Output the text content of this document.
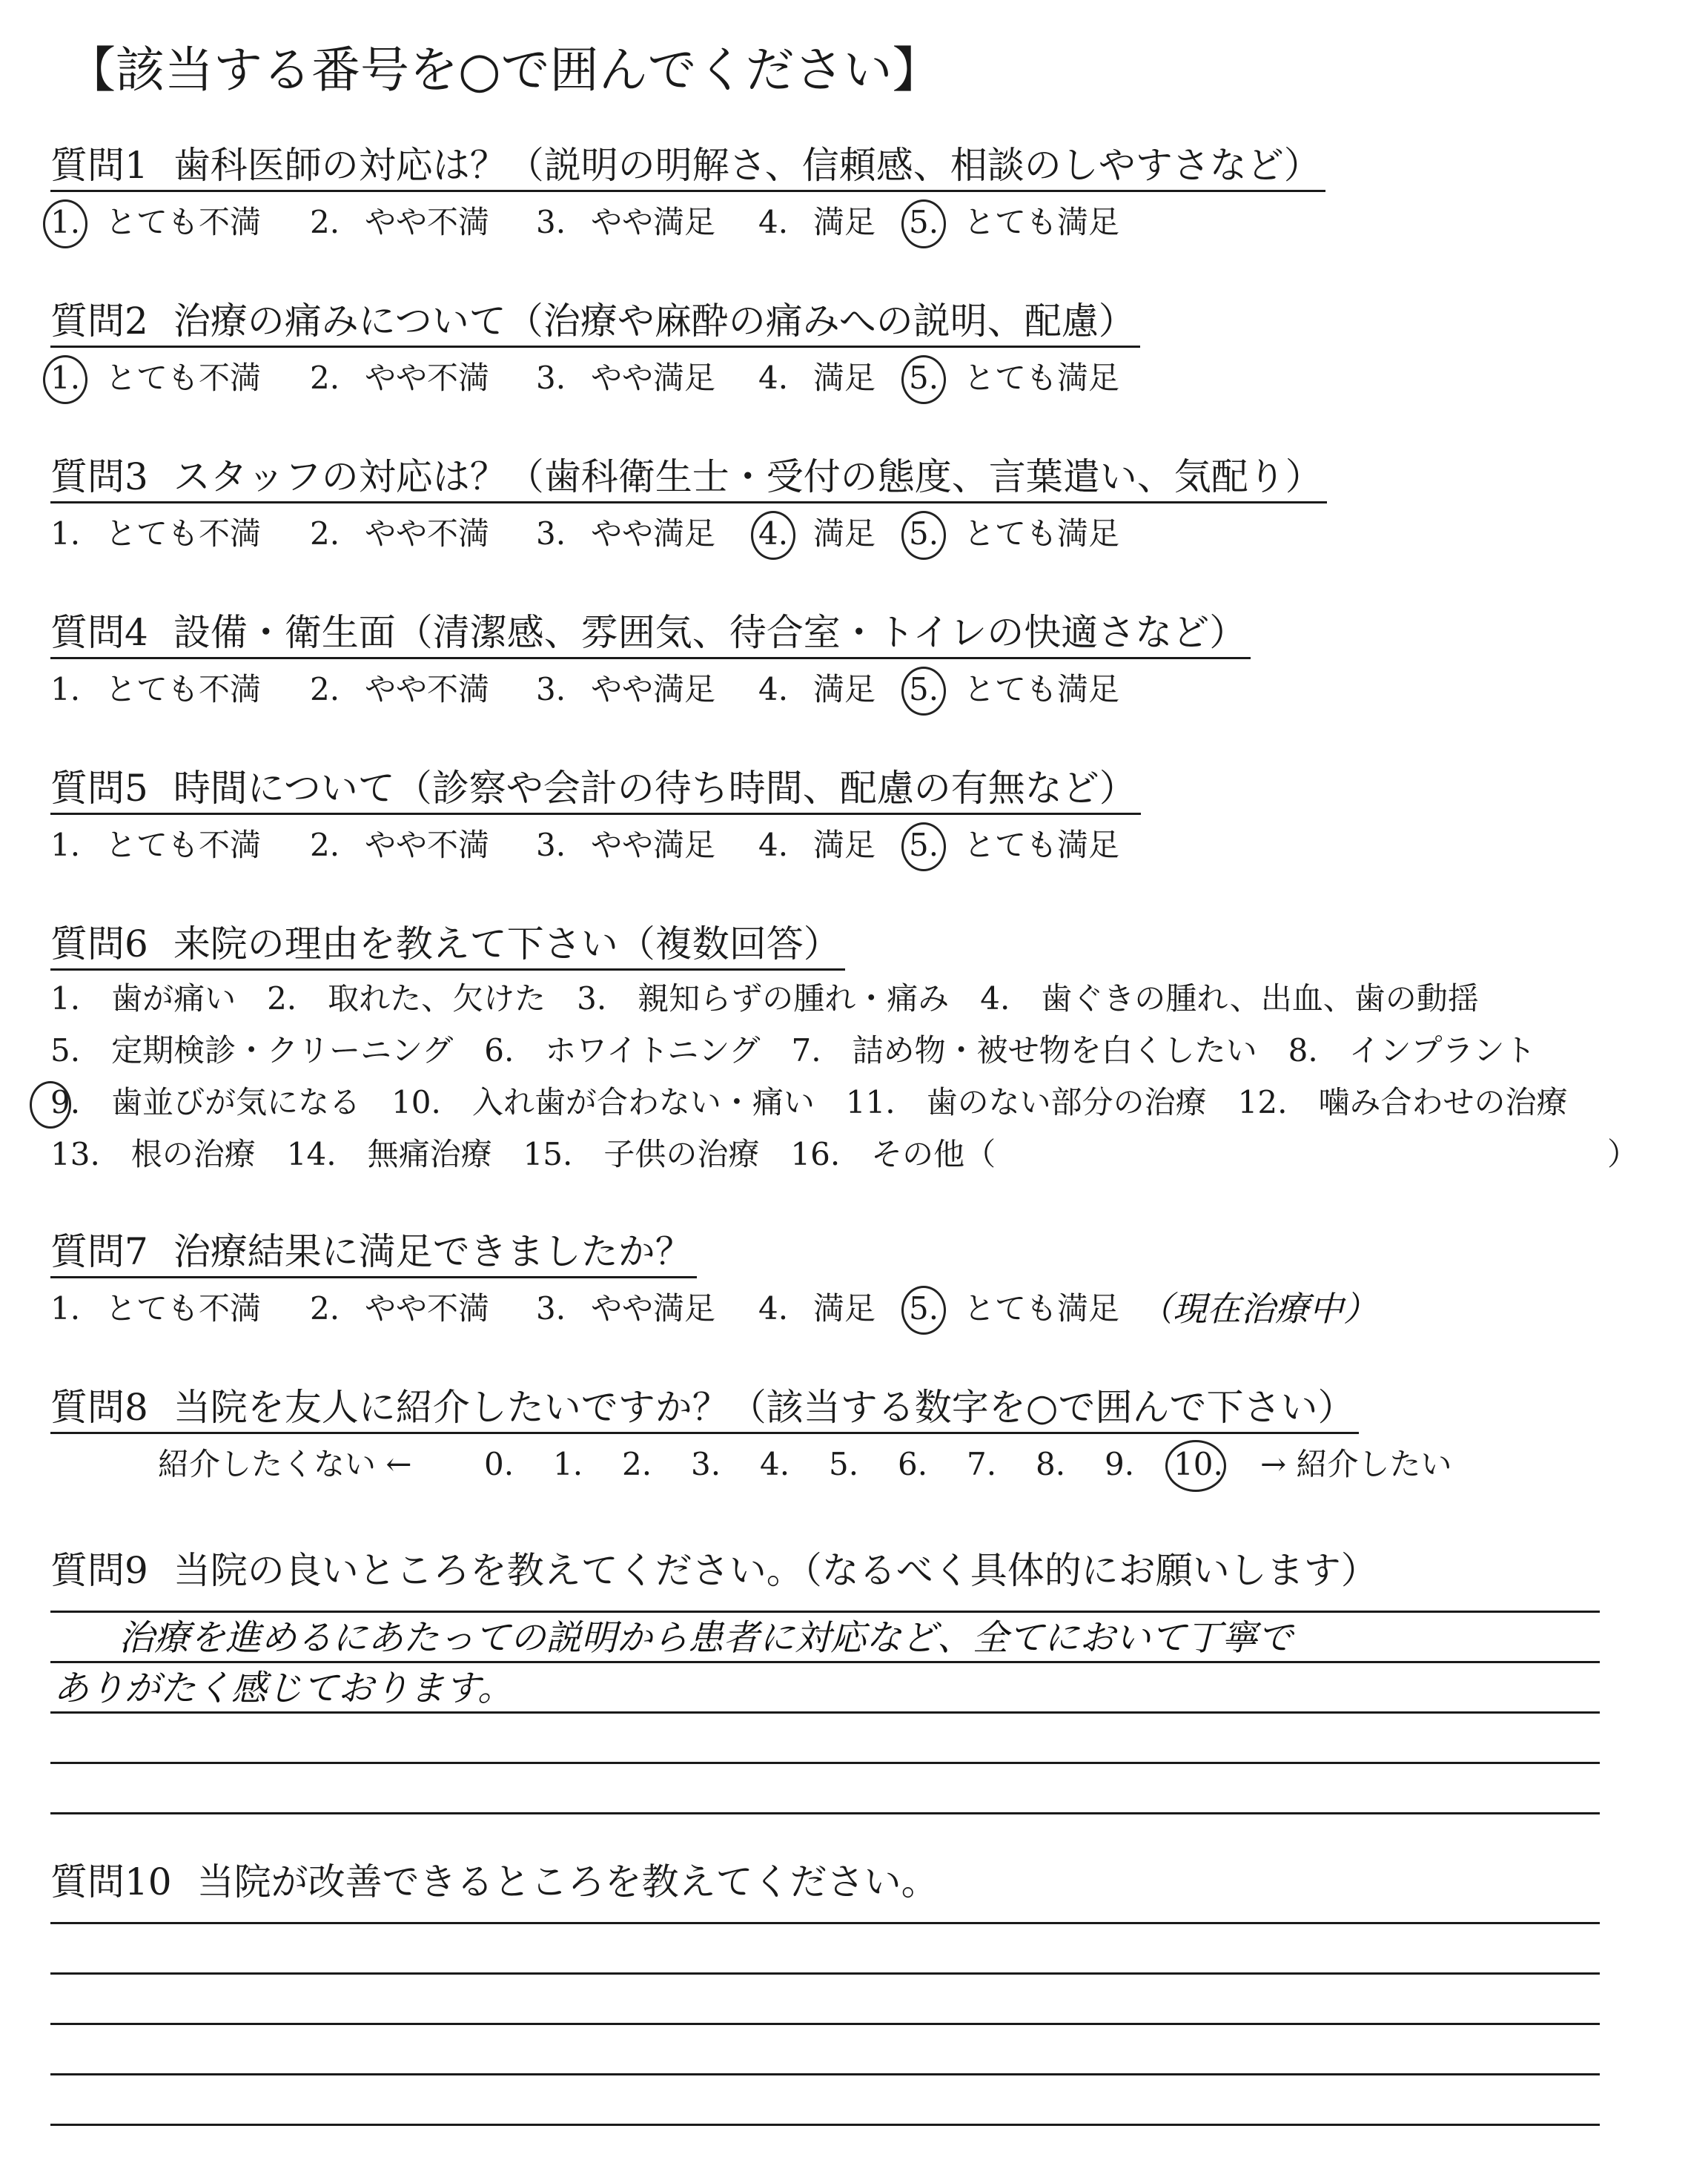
【該当する番号を○で囲んでください】
質問1 歯科医師の対応は？（説明の明解さ、信頼感、相談のしやすさなど）
1. とても不満 2. やや不満 3. やや満足 4. 満足 5. とても満足
質問2 治療の痛みについて（治療や麻酔の痛みへの説明、配慮）
1. とても不満 2. やや不満 3. やや満足 4. 満足 5. とても満足
質問3 スタッフの対応は？（歯科衛生士・受付の態度、言葉遣い、気配り）
1. とても不満 2. やや不満 3. やや満足 4. 満足 5. とても満足
質問4 設備・衛生面（清潔感、雰囲気、待合室・トイレの快適さなど）
1. とても不満 2. やや不満 3. やや満足 4. 満足 5. とても満足
質問5 時間について（診察や会計の待ち時間、配慮の有無など）
1. とても不満 2. やや不満 3. やや満足 4. 満足 5. とても満足
質問6 来院の理由を教えて下さい（複数回答）
1.　歯が痛い　2.　取れた、欠けた　3.　親知らずの腫れ・痛み　4.　歯ぐきの腫れ、出血、歯の動揺
5.　定期検診・クリーニング　6.　ホワイトニング　7.　詰め物・被せ物を白くしたい　8.　インプラント
9.　歯並びが気になる　10.　入れ歯が合わない・痛い　11.　歯のない部分の治療　12.　噛み合わせの治療
13.　根の治療　14.　無痛治療　15.　子供の治療　16.　その他（	）
質問7 治療結果に満足できましたか？
1. とても不満 2. やや不満 3. やや満足 4. 満足 5. とても満足 （現在治療中）
質問8 当院を友人に紹介したいですか？（該当する数字を○で囲んで下さい）
紹介したくない ← 0. 1. 2. 3. 4. 5. 6. 7. 8. 9. 10. → 紹介したい
質問9 当院の良いところを教えてください。（なるべく具体的にお願いします）
治療を進めるにあたっての説明から患者に対応など、全てにおいて丁寧で
ありがたく感じております。
質問10 当院が改善できるところを教えてください。
